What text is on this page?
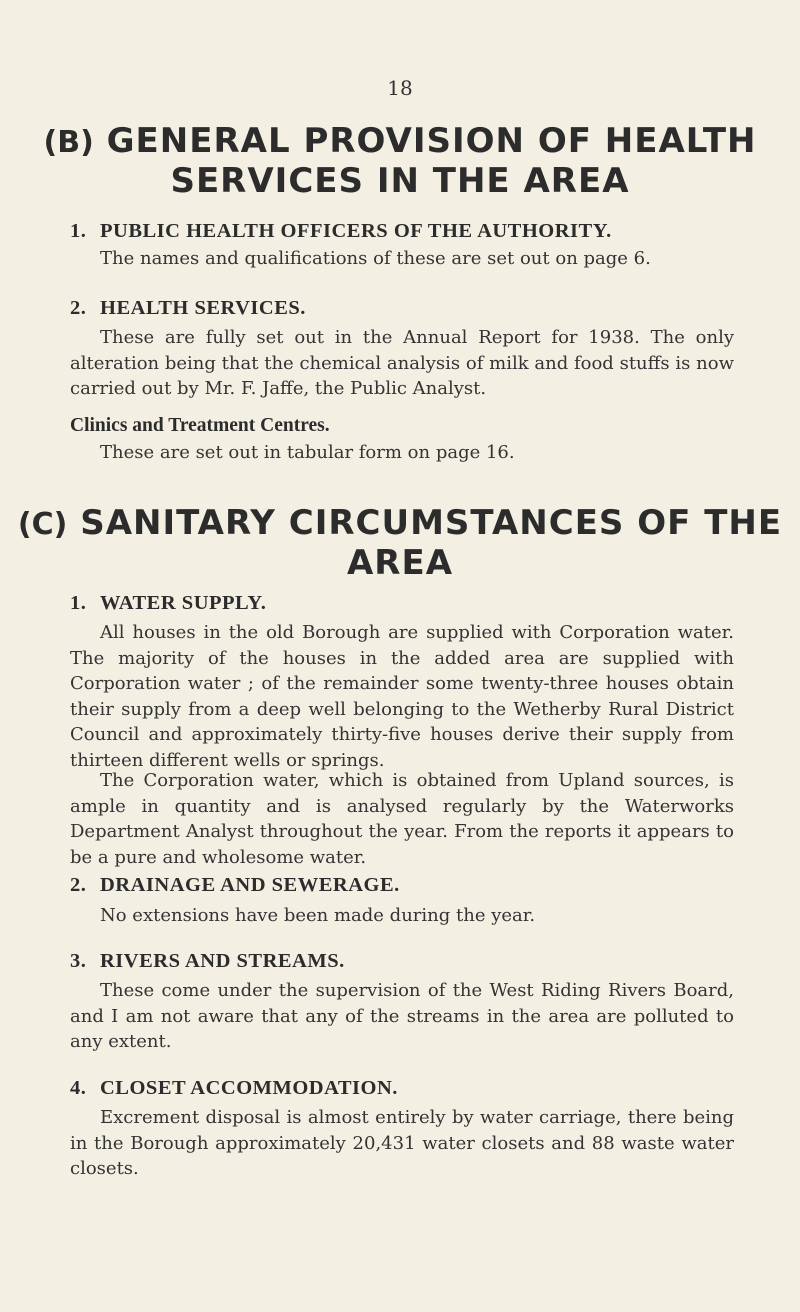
18
(B) GENERAL PROVISION OF HEALTH
SERVICES IN THE AREA
1. PUBLIC HEALTH OFFICERS OF THE AUTHORITY.
The names and qualifications of these are set out on page 6.
2. HEALTH SERVICES.
These are fully set out in the Annual Report for 1938. The only alteration being that the chemical analysis of milk and food stuffs is now carried out by Mr. F. Jaffe, the Public Analyst.
Clinics and Treatment Centres.
These are set out in tabular form on page 16.
(C) SANITARY CIRCUMSTANCES OF THE
AREA
1. WATER SUPPLY.
All houses in the old Borough are supplied with Corporation water. The majority of the houses in the added area are supplied with Corporation water ; of the remainder some twenty-three houses obtain their supply from a deep well belonging to the Wetherby Rural District Council and approximately thirty-five houses derive their supply from thirteen different wells or springs.
The Corporation water, which is obtained from Upland sources, is ample in quantity and is analysed regularly by the Waterworks Department Analyst throughout the year. From the reports it appears to be a pure and wholesome water.
2. DRAINAGE AND SEWERAGE.
No extensions have been made during the year.
3. RIVERS AND STREAMS.
These come under the supervision of the West Riding Rivers Board, and I am not aware that any of the streams in the area are polluted to any extent.
4. CLOSET ACCOMMODATION.
Excrement disposal is almost entirely by water carriage, there being in the Borough approximately 20,431 water closets and 88 waste water closets.
